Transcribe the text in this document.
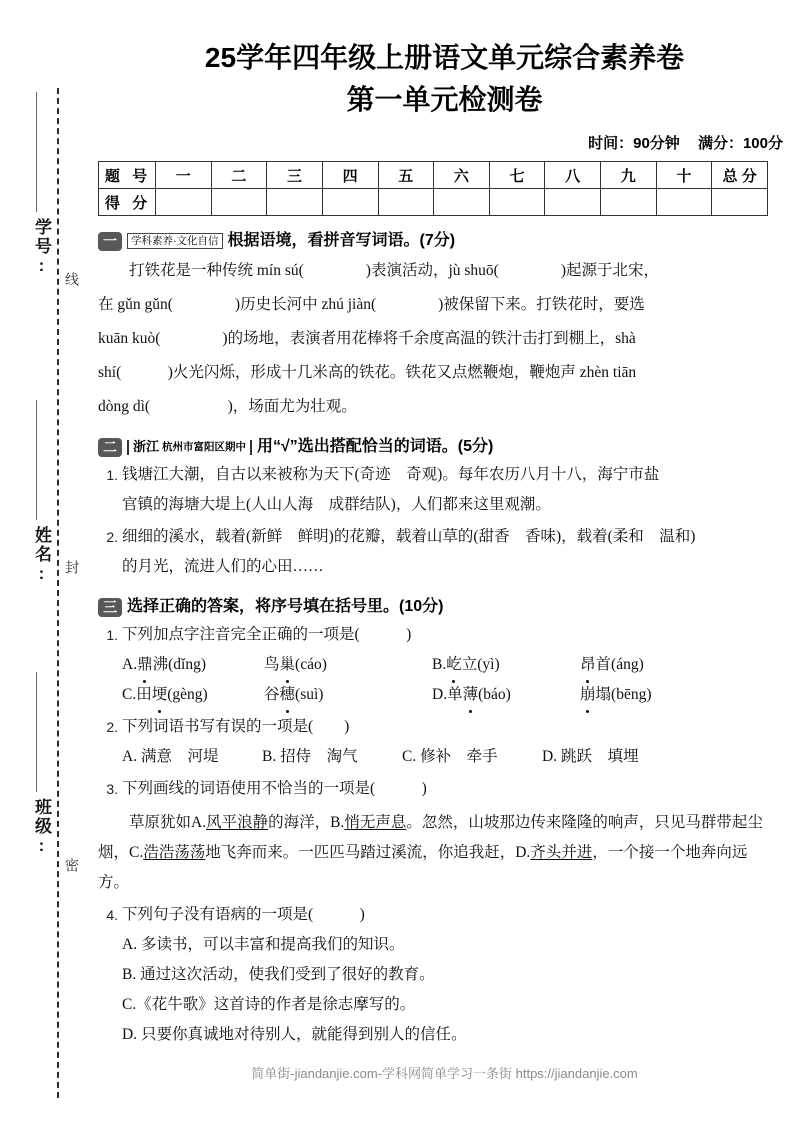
学号:
线
姓名: 封
班级:
密
25学年四年级上册语文单元综合素养卷
第一单元检测卷
时间：90分钟 满分：100分
题 号	一	二	三	四	五	六	七	八	九	十	总 分
得 分											
一	学科素养·文化自信 根据语境，看拼音写词语。(7分)
打铁花是一种传统 mín sú(　　　　)表演活动，jù shuō(　　　　)起源于北宋，
在 gǔn gǔn(　　　　)历史长河中 zhú jiàn(　　　　)被保留下来。打铁花时，要选
kuān kuò(　　　　)的场地，表演者用花棒将千余度高温的铁汁击打到棚上，shà
shí(　　　)火光闪烁，形成十几米高的铁花。铁花又点燃鞭炮，鞭炮声 zhèn tiān
dòng dì(　　　　　)，场面尤为壮观。
二	浙江 杭州市富阳区期中 用“√”选出搭配恰当的词语。(5分)
1. 钱塘江大潮，自古以来被称为天下(奇迹　奇观)。每年农历八月十八，海宁市盐
官镇的海塘大堤上(人山人海　成群结队)，人们都来这里观潮。
2. 细细的溪水，载着(新鲜　鲜明)的花瓣，载着山草的(甜香　香味)，载着(柔和　温和)
的月光，流进人们的心田……
三 选择正确的答案，将序号填在括号里。(10分)
1. 下列加点字注音完全正确的一项是(　　　)
A.鼎沸(dǐng)	鸟巢(cáo)	B.屹立(yì)	昂首(áng)
C.田埂(gèng)	谷穗(suì)	D.单薄(báo)	崩塌(bēng)
2. 下列词语书写有误的一项是(　　)
A. 满意　河堤	B. 招侍　淘气	C. 修补　牵手	D. 跳跃　填埋
3. 下列画线的词语使用不恰当的一项是(　　　)
　　草原犹如A.风平浪静的海洋，B.悄无声息。忽然，山坡那边传来隆隆的响声，只见马群带起尘烟，C.浩浩荡荡地飞奔而来。一匹匹马踏过溪流，你追我赶，D.齐头并进，一个接一个地奔向远方。
4. 下列句子没有语病的一项是(　　　)
A. 多读书，可以丰富和提高我们的知识。
B. 通过这次活动，使我们受到了很好的教育。
C.《花牛歌》这首诗的作者是徐志摩写的。
D. 只要你真诚地对待别人，就能得到别人的信任。
简单街-jiandanjie.com-学科网简单学习一条街 https://jiandanjie.com
